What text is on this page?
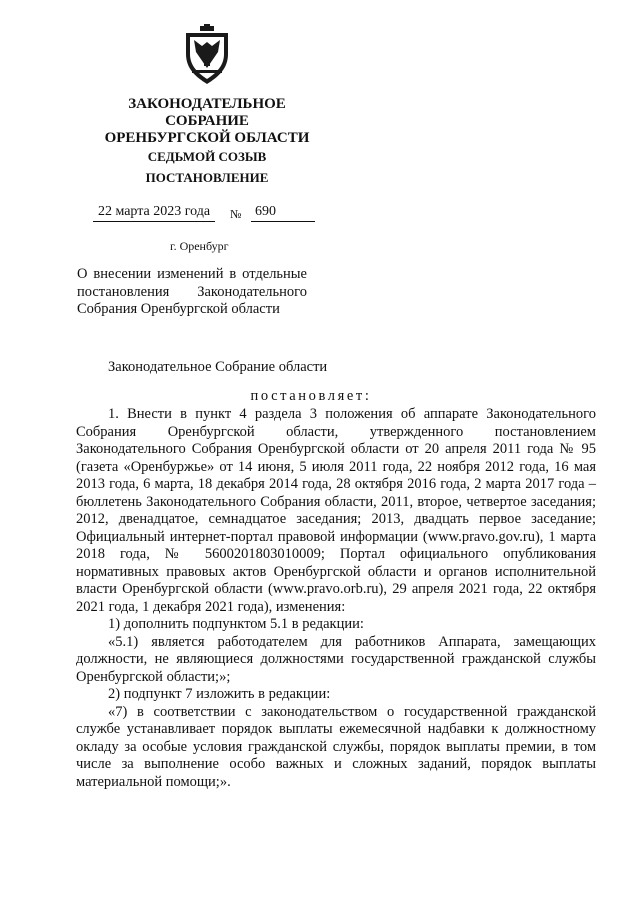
ЗАКОНОДАТЕЛЬНОЕ
СОБРАНИЕ
ОРЕНБУРГСКОЙ ОБЛАСТИ
СЕДЬМОЙ СОЗЫВ
ПОСТАНОВЛЕНИЕ
22 марта 2023 года	№ 690
г. Оренбург
О внесении изменений в отдельные постановления Законодательного Собрания Оренбургской области
Законодательное Собрание области
постановляет:

1. Внести в пункт 4 раздела 3 положения об аппарате Законодательного Собрания Оренбургской области, утвержденного постановлением Законодательного Собрания Оренбургской области от 20 апреля 2011 года № 95 (газета «Оренбуржье» от 14 июня, 5 июля 2011 года, 22 ноября 2012 года, 16 мая 2013 года, 6 марта, 18 декабря 2014 года, 28 октября 2016 года, 2 марта 2017 года – бюллетень Законодательного Собрания области, 2011, второе, четвертое заседания; 2012, двенадцатое, семнадцатое заседания; 2013, двадцать первое заседание; Официальный интернет-портал правовой информации (www.pravo.gov.ru), 1 марта 2018 года, № 5600201803010009; Портал официального опубликования нормативных правовых актов Оренбургской области и органов исполнительной власти Оренбургской области (www.pravo.orb.ru), 29 апреля 2021 года, 22 октября 2021 года, 1 декабря 2021 года), изменения:

1) дополнить подпунктом 5.1 в редакции:

«5.1) является работодателем для работников Аппарата, замещающих должности, не являющиеся должностями государственной гражданской службы Оренбургской области;»;

2) подпункт 7 изложить в редакции:

«7) в соответствии с законодательством о государственной гражданской службе устанавливает порядок выплаты ежемесячной надбавки к должностному окладу за особые условия гражданской службы, порядок выплаты премии, в том числе за выполнение особо важных и сложных заданий, порядок выплаты материальной помощи;».
